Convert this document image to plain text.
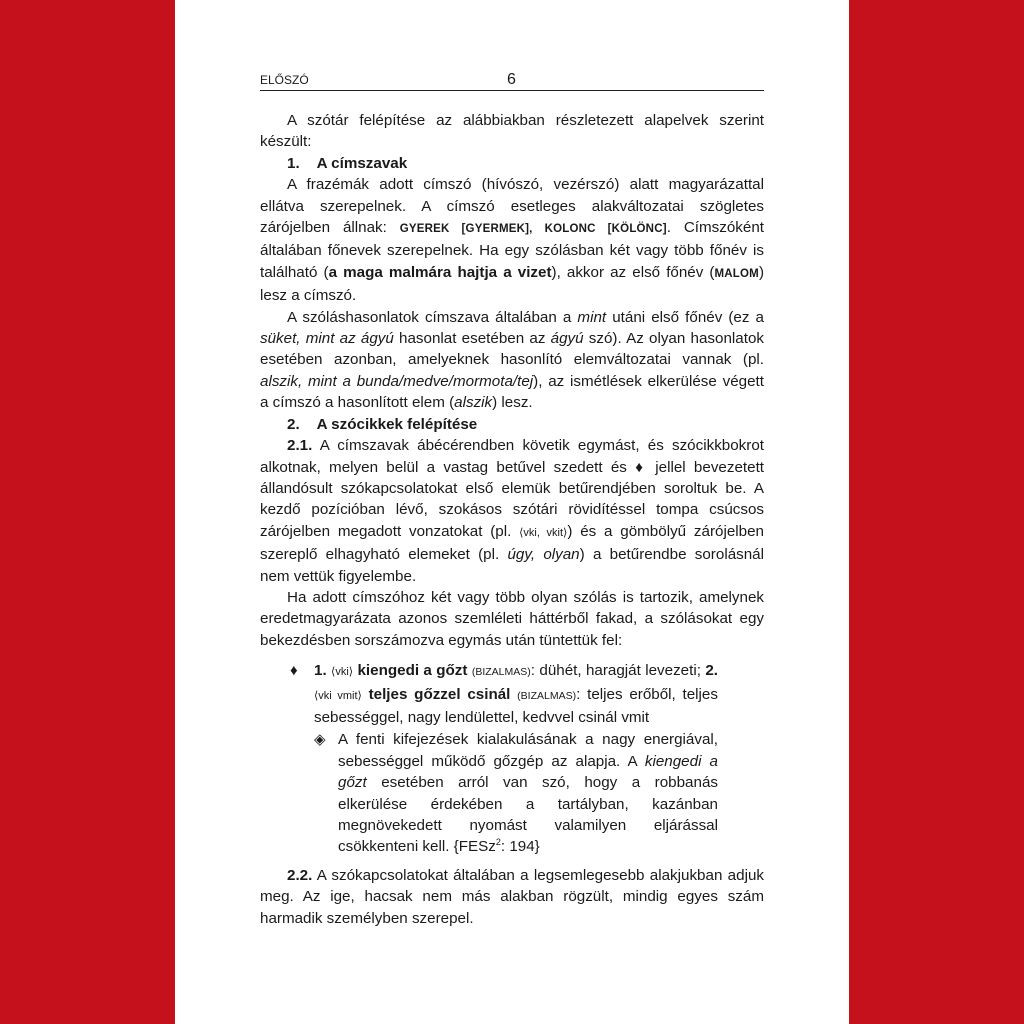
ELŐSZÓ	6

A szótár felépítése az alábbiakban részletezett alapelvek szerint készült:

1. A címszavak

A frazémák adott címszó (hívószó, vezérszó) alatt magyarázattal ellátva szerepelnek. A címszó esetleges alakváltozatai szögletes zárójelben állnak: GYEREK [GYERMEK], KOLONC [KÖLÖNC]. Címszóként általában főnevek szerepelnek. Ha egy szólásban két vagy több főnév is található (a maga malmára hajtja a vizet), akkor az első főnév (MALOM) lesz a címszó.

A szóláshasonlatok címszava általában a mint utáni első főnév (ez a süket, mint az ágyú hasonlat esetében az ágyú szó). Az olyan hasonlatok esetében azonban, amelyeknek hasonlító elemváltozatai vannak (pl. alszik, mint a bunda/medve/mormota/tej), az ismétlések elkerülése végett a címszó a hasonlított elem (alszik) lesz.

2. A szócikkek felépítése

2.1. A címszavak ábécérendben követik egymást, és szócikkbokrot alkotnak, melyen belül a vastag betűvel szedett és ♦ jellel bevezetett állandósult szókapcsolatokat első elemük betűrendjében soroltuk be. A kezdő pozícióban lévő, szokásos szótári rövidítéssel tompa csúcsos zárójelben megadott vonzatokat (pl. ⟨vki, vkit⟩) és a gömbölyű zárójelben szereplő elhagyható elemeket (pl. úgy, olyan) a betűrendbe sorolásnál nem vettük figyelembe.

Ha adott címszóhoz két vagy több olyan szólás is tartozik, amelynek eredetmagyarázata azonos szemléleti háttérből fakad, a szólásokat egy bekezdésben sorszámozva egymás után tüntettük fel:

♦ 1. ⟨vki⟩ kiengedi a gőzt (BIZALMAS): dühét, haragját levezeti; 2. ⟨vki vmit⟩ teljes gőzzel csinál (BIZALMAS): teljes erőből, teljes sebességgel, nagy lendülettel, kedvvel csinál vmit
◈ A fenti kifejezések kialakulásának a nagy energiával, sebességgel működő gőzgép az alapja. A kiengedi a gőzt esetében arról van szó, hogy a robbanás elkerülése érdekében a tartályban, kazánban megnövekedett nyomást valamilyen eljárással csökkenteni kell. {FESz$^2$: 194}

2.2. A szókapcsolatokat általában a legsemlegesebb alakjukban adjuk meg. Az ige, hacsak nem más alakban rögzült, mindig egyes szám harmadik személyben szerepel.
